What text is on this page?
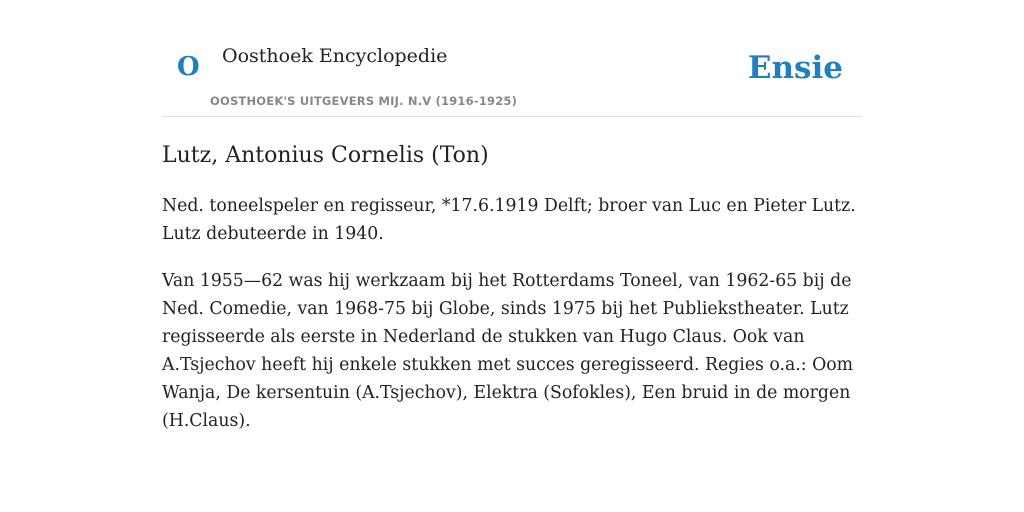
O Oosthoek Encyclopedie
OOSTHOEK'S UITGEVERS MIJ. N.V (1916-1925)
Ensie
Lutz, Antonius Cornelis (Ton)

Ned. toneelspeler en regisseur, *17.6.1919 Delft; broer van Luc en Pieter Lutz. Lutz debuteerde in 1940.

Van 1955—62 was hij werkzaam bij het Rotterdams Toneel, van 1962-65 bij de Ned. Comedie, van 1968-75 bij Globe, sinds 1975 bij het Publiekstheater. Lutz regisseerde als eerste in Nederland de stukken van Hugo Claus. Ook van A.Tsjechov heeft hij enkele stukken met succes geregisseerd. Regies o.a.: Oom Wanja, De kersentuin (A.Tsjechov), Elektra (Sofokles), Een bruid in de morgen (H.Claus).
